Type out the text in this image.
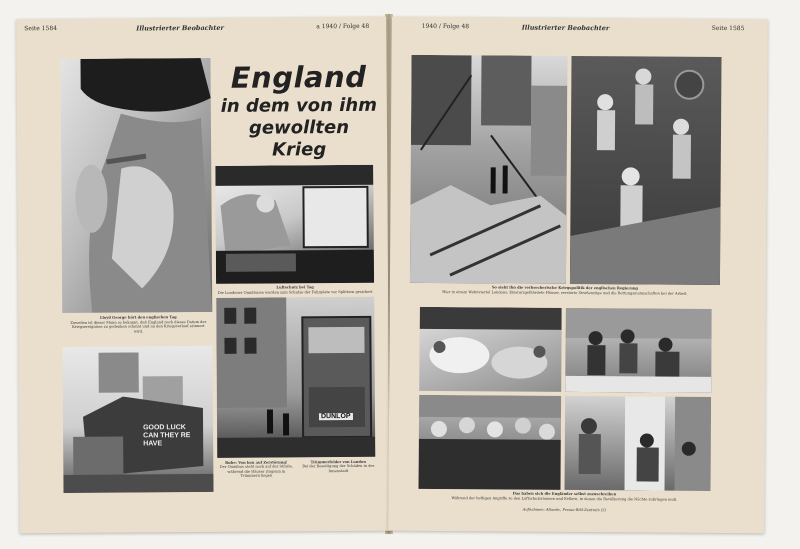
Seite 1584	Illustrierter Beobachter	a 1940 / Folge 48
Lloyd George hört den englischen Tag
Zuweilen ist dieser Mann so bekannt, daß England noch dieses Datum der Kriegsereignisse zu gedenken scheint und an den Kriegsverlauf erinnert wird.
England
in dem von ihm
gewollten Krieg
Luftschutz bei Tag
Die Londoner Omnibusse wurden zum Schutze der Fahrgäste vor Splittern gesichert
GOOD LUCK CAN THEY RE HAVE
DUNLOP
Ruhe: Von bau auf Zerstörung!
Der Omnibus steht noch auf der Straße, während die Häuser ringsum in Trümmern liegen
Trümmerfelder von London
Bei der Beseitigung der Schäden in der Innenstadt
1940 / Folge 48	Illustrierter Beobachter	Seite 1585
So sieht ihn die verbrecherische Kriegspolitik der englischen Regierung
Hier in einem Wohnviertel Londons: Einsturzgefährdete Häuser, zerstörte Straßenzüge und die Rettungsmannschaften bei der Arbeit.
Das haben sich die Engländer selbst zuzuschreiben
Während der heftigen Angriffe zu den Luftschutzräumen und Kellern, in denen die Bevölkerung die Nächte zubringen muß.
Aufnahmen: Atlantic, Presse-Bild-Zentrale (2)
